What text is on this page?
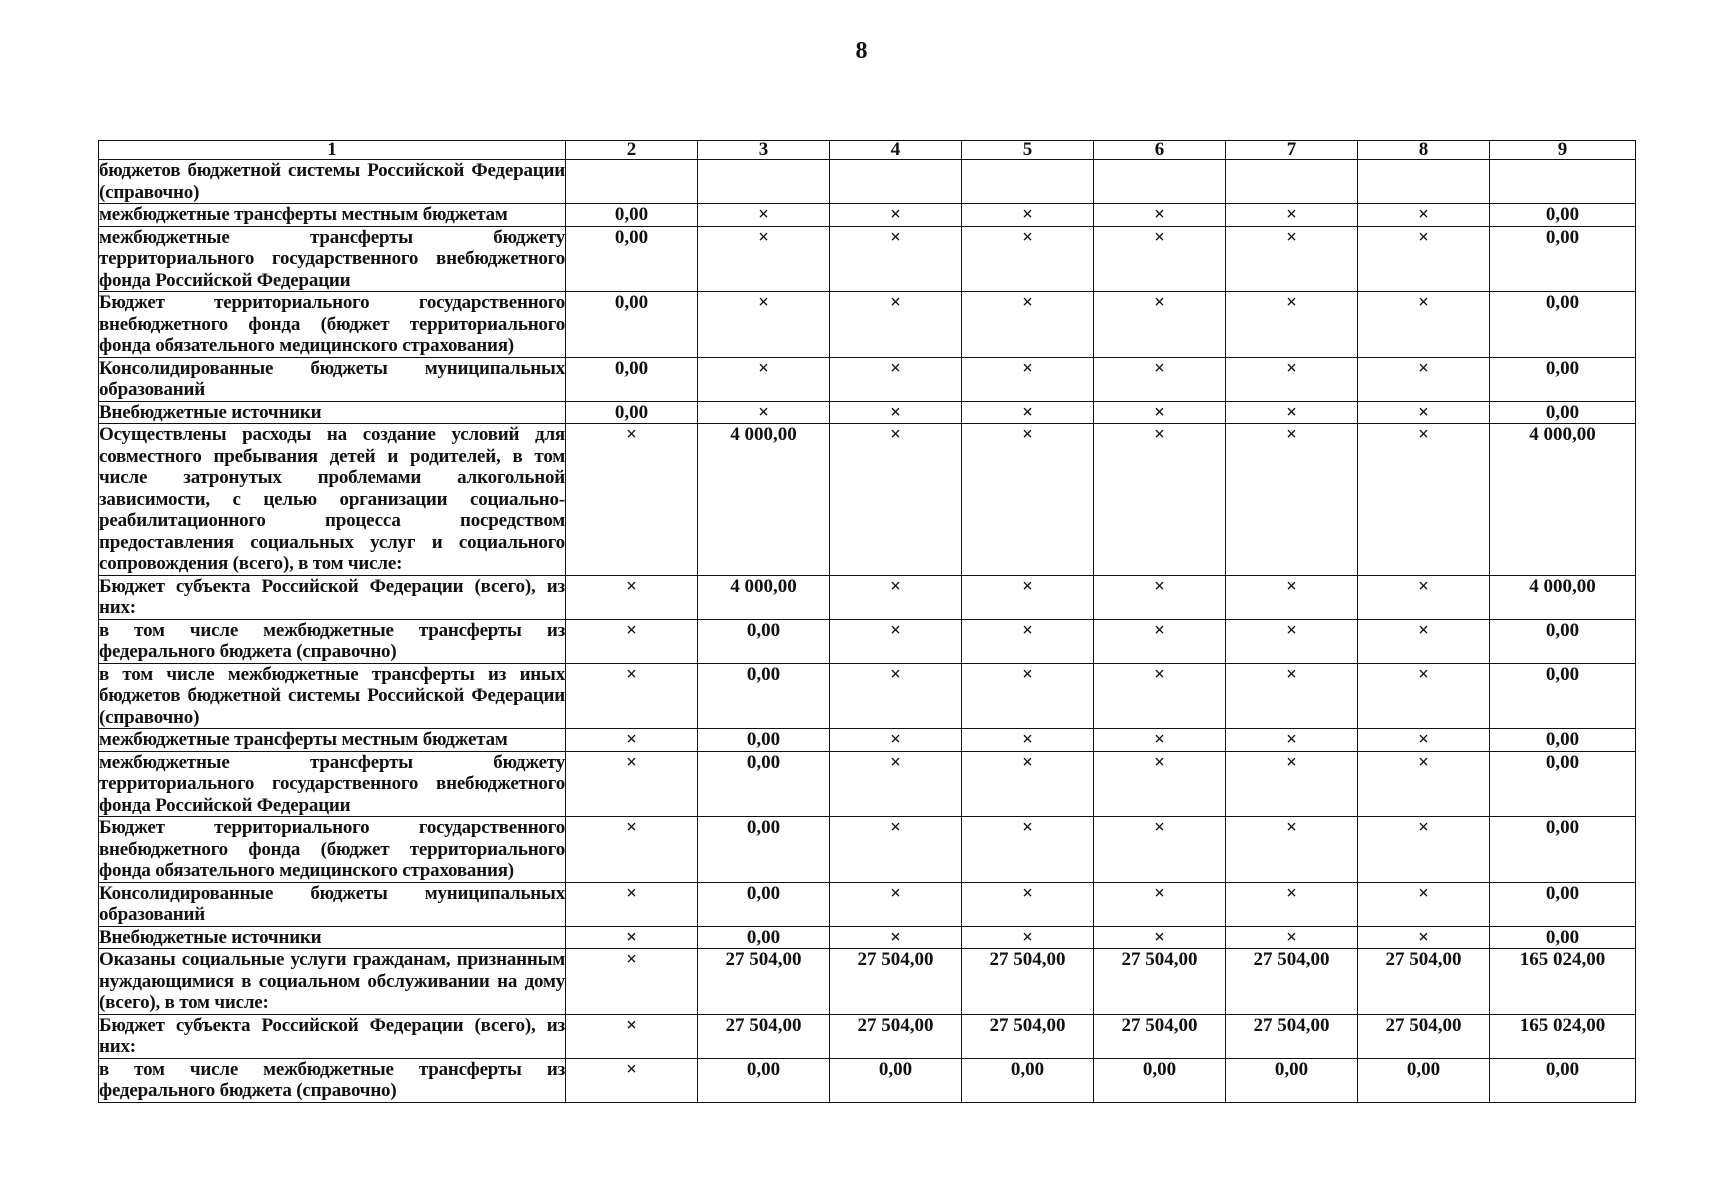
8
1	2	3	4	5	6	7	8	9
бюджетов бюджетной системы Российской Федерации (справочно)								
межбюджетные трансферты местным бюджетам	0,00	×	×	×	×	×	×	0,00
межбюджетные трансферты бюджету территориального государственного внебюджетного фонда Российской Федерации	0,00	×	×	×	×	×	×	0,00
Бюджет территориального государственного внебюджетного фонда (бюджет территориального фонда обязательного медицинского страхования)	0,00	×	×	×	×	×	×	0,00
Консолидированные бюджеты муниципальных образований	0,00	×	×	×	×	×	×	0,00
Внебюджетные источники	0,00	×	×	×	×	×	×	0,00
Осуществлены расходы на создание условий для совместного пребывания детей и родителей, в том числе затронутых проблемами алкогольной зависимости, с целью организации социально-реабилитационного процесса посредством предоставления социальных услуг и социального сопровождения (всего), в том числе:	×	4 000,00	×	×	×	×	×	4 000,00
Бюджет субъекта Российской Федерации (всего), из них:	×	4 000,00	×	×	×	×	×	4 000,00
в том числе межбюджетные трансферты из федерального бюджета (справочно)	×	0,00	×	×	×	×	×	0,00
в том числе межбюджетные трансферты из иных бюджетов бюджетной системы Российской Федерации (справочно)	×	0,00	×	×	×	×	×	0,00
межбюджетные трансферты местным бюджетам	×	0,00	×	×	×	×	×	0,00
межбюджетные трансферты бюджету территориального государственного внебюджетного фонда Российской Федерации	×	0,00	×	×	×	×	×	0,00
Бюджет территориального государственного внебюджетного фонда (бюджет территориального фонда обязательного медицинского страхования)	×	0,00	×	×	×	×	×	0,00
Консолидированные бюджеты муниципальных образований	×	0,00	×	×	×	×	×	0,00
Внебюджетные источники	×	0,00	×	×	×	×	×	0,00
Оказаны социальные услуги гражданам, признанным нуждающимися в социальном обслуживании на дому (всего), в том числе:	×	27 504,00	27 504,00	27 504,00	27 504,00	27 504,00	27 504,00	165 024,00
Бюджет субъекта Российской Федерации (всего), из них:	×	27 504,00	27 504,00	27 504,00	27 504,00	27 504,00	27 504,00	165 024,00
в том числе межбюджетные трансферты из федерального бюджета (справочно)	×	0,00	0,00	0,00	0,00	0,00	0,00	0,00
